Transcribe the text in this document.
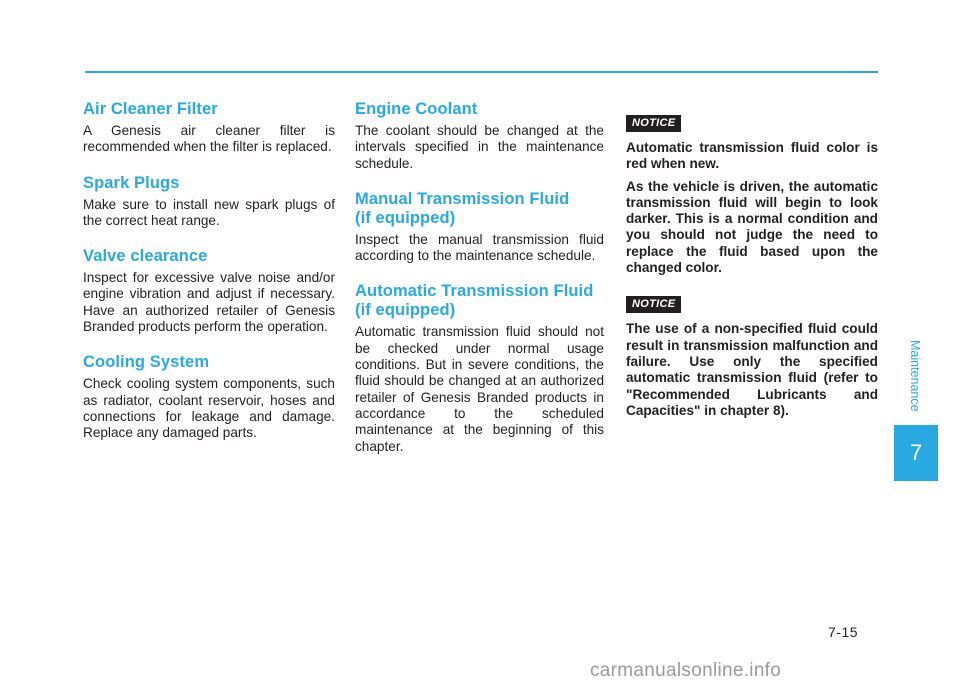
Air Cleaner Filter

A Genesis air cleaner filter is recommended when the filter is replaced.

Spark Plugs

Make sure to install new spark plugs of the correct heat range.

Valve clearance

Inspect for excessive valve noise and/or engine vibration and adjust if necessary. Have an authorized retailer of Genesis Branded products perform the operation.

Cooling System

Check cooling system components, such as radiator, coolant reservoir, hoses and connections for leakage and damage. Replace any damaged parts.

Engine Coolant

The coolant should be changed at the intervals specified in the maintenance schedule.

Manual Transmission Fluid
(if equipped)

Inspect the manual transmission fluid according to the maintenance schedule.

Automatic Transmission Fluid
(if equipped)

Automatic transmission fluid should not be checked under normal usage conditions. But in severe conditions, the fluid should be changed at an authorized retailer of Genesis Branded products in accordance to the scheduled maintenance at the beginning of this chapter.

NOTICE

Automatic transmission fluid color is red when new.

As the vehicle is driven, the automatic transmission fluid will begin to look darker. This is a normal condition and you should not judge the need to replace the fluid based upon the changed color.

NOTICE

The use of a non-specified fluid could result in transmission malfunction and failure. Use only the specified automatic transmission fluid (refer to "Recommended Lubricants and Capacities" in chapter 8).	Maintenance
7
7-15
carmanualsonline.info
